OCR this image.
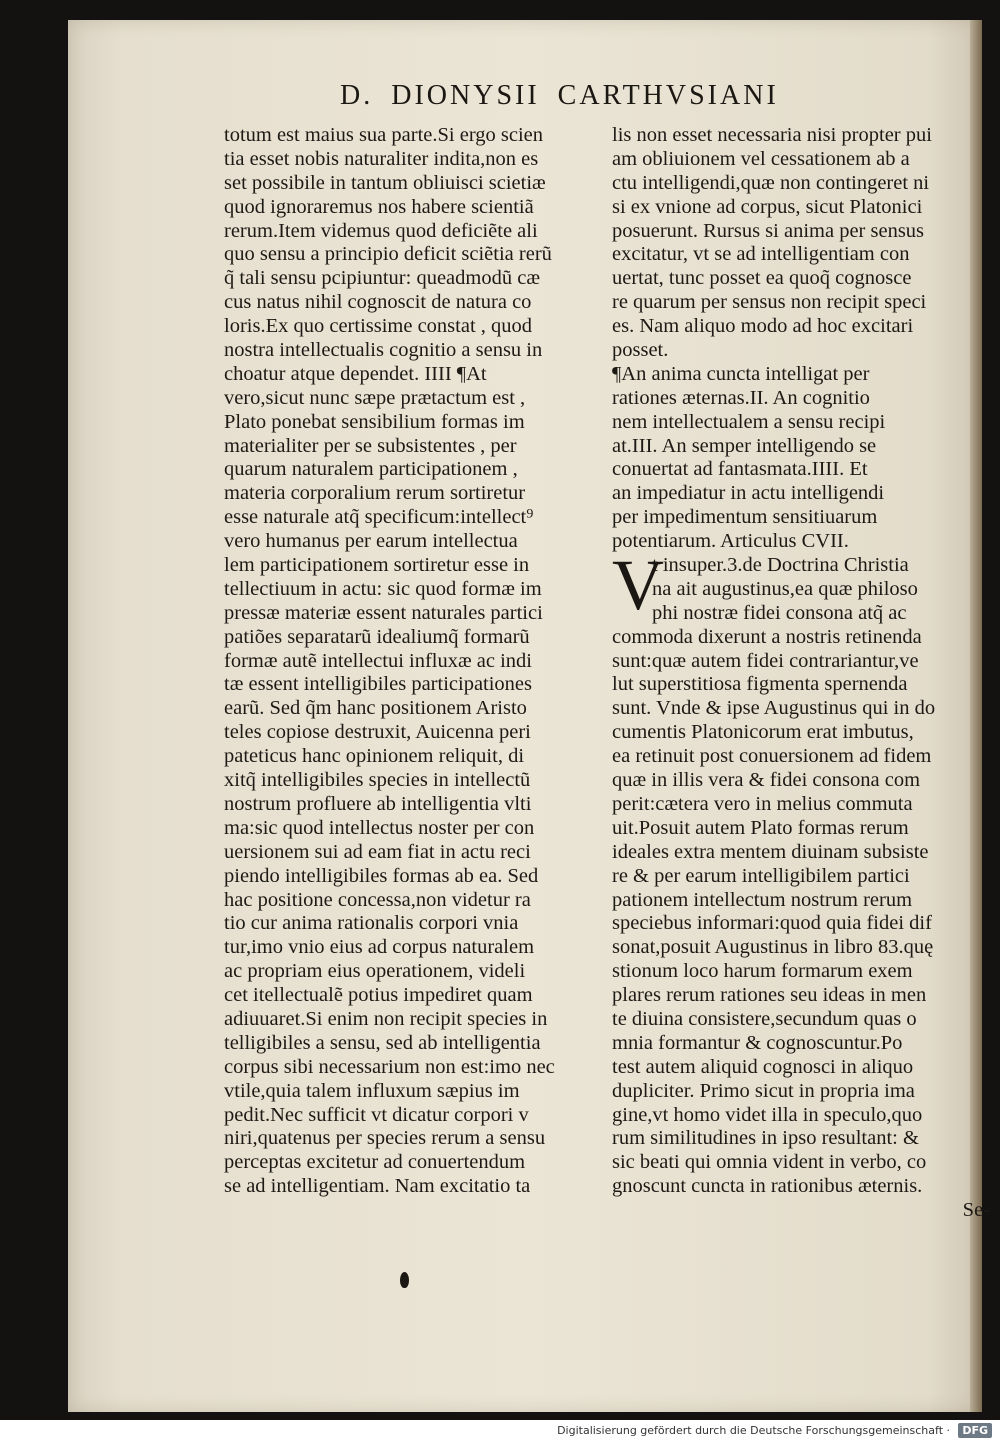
D. DIONYSII CARTHVSIANI
totum est maius sua parte.Si ergo scien
tia esset nobis naturaliter indita,non es
set possibile in tantum obliuisci scietiæ
quod ignoraremus nos habere scientiã
rerum.Item videmus quod deficiẽte ali
quo sensu a principio deficit sciẽtia rerũ
q̃ tali sensu pcipiuntur: queadmodũ cæ
cus natus nihil cognoscit de natura co
loris.Ex quo certissime constat , quod
nostra intellectualis cognitio a sensu in
choatur atque dependet. IIII ¶At
vero,sicut nunc sæpe prætactum est ,
Plato ponebat sensibilium formas im
materialiter per se subsistentes , per
quarum naturalem participationem ,
materia corporalium rerum sortiretur
esse naturale atq̃ specificum:intellect⁹
vero humanus per earum intellectua
lem participationem sortiretur esse in
tellectiuum in actu: sic quod formæ im
pressæ materiæ essent naturales partici
patiões separatarũ idealiumq̃ formarũ
formæ autẽ intellectui influxæ ac indi
tæ essent intelligibiles participationes
earũ. Sed q̃m hanc positionem Aristo
teles copiose destruxit, Auicenna peri
pateticus hanc opinionem reliquit, di
xitq̃ intelligibiles species in intellectũ
nostrum profluere ab intelligentia vlti
ma:sic quod intellectus noster per con
uersionem sui ad eam fiat in actu reci
piendo intelligibiles formas ab ea. Sed
hac positione concessa,non videtur ra
tio cur anima rationalis corpori vnia
tur,imo vnio eius ad corpus naturalem
ac propriam eius operationem, videli
cet itellectualẽ potius impediret quam
adiuuaret.Si enim non recipit species in
telligibiles a sensu, sed ab intelligentia
corpus sibi necessarium non est:imo nec
vtile,quia talem influxum sæpius im
pedit.Nec sufficit vt dicatur corpori v
niri,quatenus per species rerum a sensu
perceptas excitetur ad conuertendum
se ad intelligentiam. Nam excitatio ta
lis non esset necessaria nisi propter pui
am obliuionem vel cessationem ab a
ctu intelligendi,quæ non contingeret ni
si ex vnione ad corpus, sicut Platonici
posuerunt. Rursus si anima per sensus
excitatur, vt se ad intelligentiam con
uertat, tunc posset ea quoq̃ cognosce
re quarum per sensus non recipit speci
es. Nam aliquo modo ad hoc excitari
posset.
¶An anima cuncta intelligat per
rationes æternas.II. An cognitio
nem intellectualem a sensu recipi
at.III. An semper intelligendo se
conuertat ad fantasmata.IIII. Et
an impediatur in actu intelligendi
per impedimentum sensitiuarum
potentiarum. Articulus CVII.
t insuper.3.de Doctrina Christia
na ait augustinus,ea quæ philoso
phi nostræ fidei consona atq̃ ac
commoda dixerunt a nostris retinenda
sunt:quæ autem fidei contrariantur,ve
lut superstitiosa figmenta spernenda
sunt. Vnde & ipse Augustinus qui in do
cumentis Platonicorum erat imbutus,
ea retinuit post conuersionem ad fidem
quæ in illis vera & fidei consona com
perit:cætera vero in melius commuta
uit.Posuit autem Plato formas rerum
ideales extra mentem diuinam subsiste
re & per earum intelligibilem partici
pationem intellectum nostrum rerum
speciebus informari:quod quia fidei dif
sonat,posuit Augustinus in libro 83.quę
stionum loco harum formarum exem
plares rerum rationes seu ideas in men
te diuina consistere,secundum quas o
mnia formantur & cognoscuntur.Po
test autem aliquid cognosci in aliquo
dupliciter. Primo sicut in propria ima
gine,vt homo videt illa in speculo,quo
rum similitudines in ipso resultant: &
sic beati qui omnia vident in verbo, co
gnoscunt cuncta in rationibus æternis.
Se-
V
Digitalisierung gefördert durch die Deutsche Forschungsgemeinschaft ·	DFG
